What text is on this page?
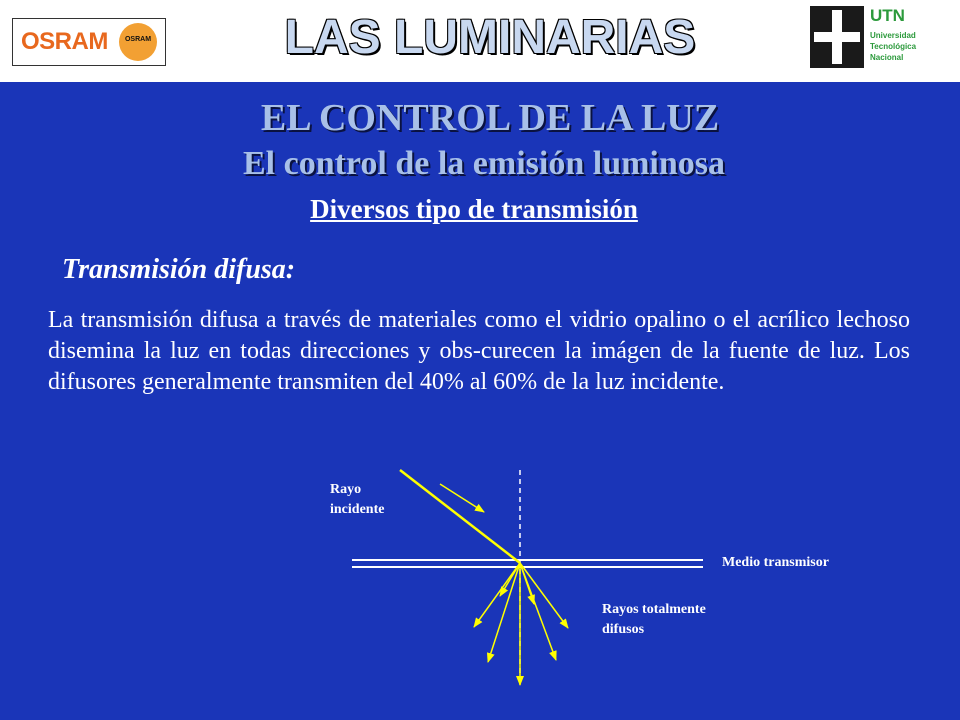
OSRAM	OSRAM	LAS LUMINARIAS	UTN
Universidad
Tecnológica
Nacional
EL CONTROL DE LA LUZ
El control de la emisión luminosa
Diversos tipo de transmisión
Transmisión difusa:
La transmisión difusa a través de materiales como el vidrio opalino o el acrílico lechoso disemina la luz en todas direcciones y obs-curecen la imágen de la fuente de luz. Los difusores generalmente transmiten del 40% al 60% de la luz incidente.
Rayo
incidente
Medio transmisor
Rayos totalmente
difusos
